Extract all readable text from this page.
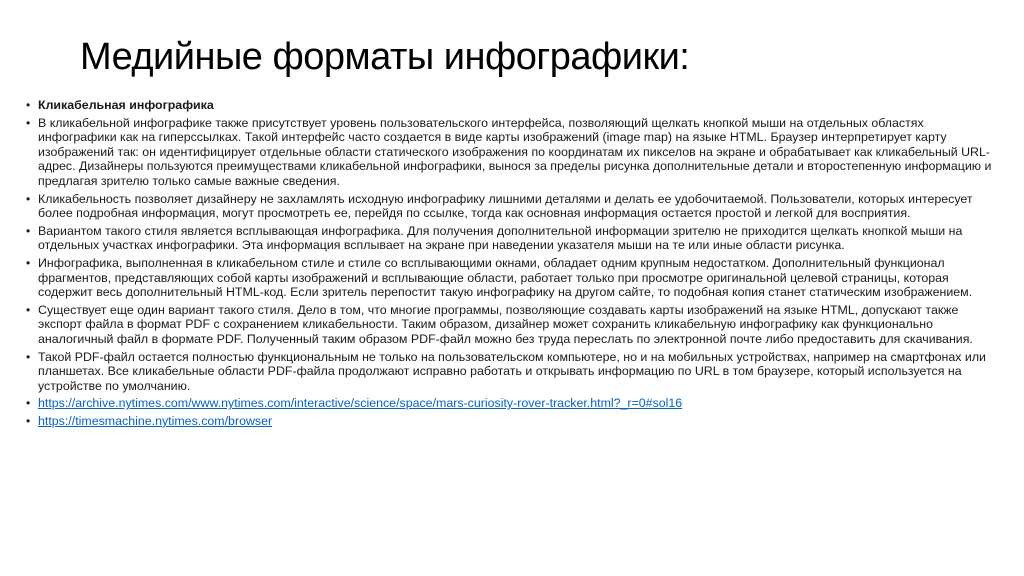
Медийные форматы инфографики:
• Кликабельная инфографика
• В кликабельной инфографике также присутствует уровень пользовательского интерфейса, позволяющий щелкать кнопкой мыши на отдельных областях инфографики как на гиперссылках. Такой интерфейс часто создается в виде карты изображений (image map) на языке HTML. Браузер интерпретирует карту изображений так: он идентифицирует отдельные области статического изображения по координатам их пикселов на экране и обрабатывает как кликабельный URL-адрес. Дизайнеры пользуются преимуществами кликабельной инфографики, вынося за пределы рисунка дополнительные детали и второстепенную информацию и предлагая зрителю только самые важные сведения.
• Кликабельность позволяет дизайнеру не захламлять исходную инфографику лишними деталями и делать ее удобочитаемой. Пользователи, которых интересует более подробная информация, могут просмотреть ее, перейдя по ссылке, тогда как основная информация остается простой и легкой для восприятия.
• Вариантом такого стиля является всплывающая инфографика. Для получения дополнительной информации зрителю не приходится щелкать кнопкой мыши на отдельных участках инфографики. Эта информация всплывает на экране при наведении указателя мыши на те или иные области рисунка.
• Инфографика, выполненная в кликабельном стиле и стиле со всплывающими окнами, обладает одним крупным недостатком. Дополнительный функционал фрагментов, представляющих собой карты изображений и всплывающие области, работает только при просмотре оригинальной целевой страницы, которая содержит весь дополнительный HTML-код. Если зритель перепостит такую инфографику на другом сайте, то подобная копия станет статическим изображением.
• Существует еще один вариант такого стиля. Дело в том, что многие программы, позволяющие создавать карты изображений на языке HTML, допускают также экспорт файла в формат PDF с сохранением кликабельности. Таким образом, дизайнер может сохранить кликабельную инфографику как функционально аналогичный файл в формате PDF. Полученный таким образом PDF-файл можно без труда переслать по электронной почте либо предоставить для скачивания.
• Такой PDF-файл остается полностью функциональным не только на пользовательском компьютере, но и на мобильных устройствах, например на смартфонах или планшетах. Все кликабельные области PDF-файла продолжают исправно работать и открывать информацию по URL в том браузере, который используется на устройстве по умолчанию.
• https://archive.nytimes.com/www.nytimes.com/interactive/science/space/mars-curiosity-rover-tracker.html?_r=0#sol16
• https://timesmachine.nytimes.com/browser
